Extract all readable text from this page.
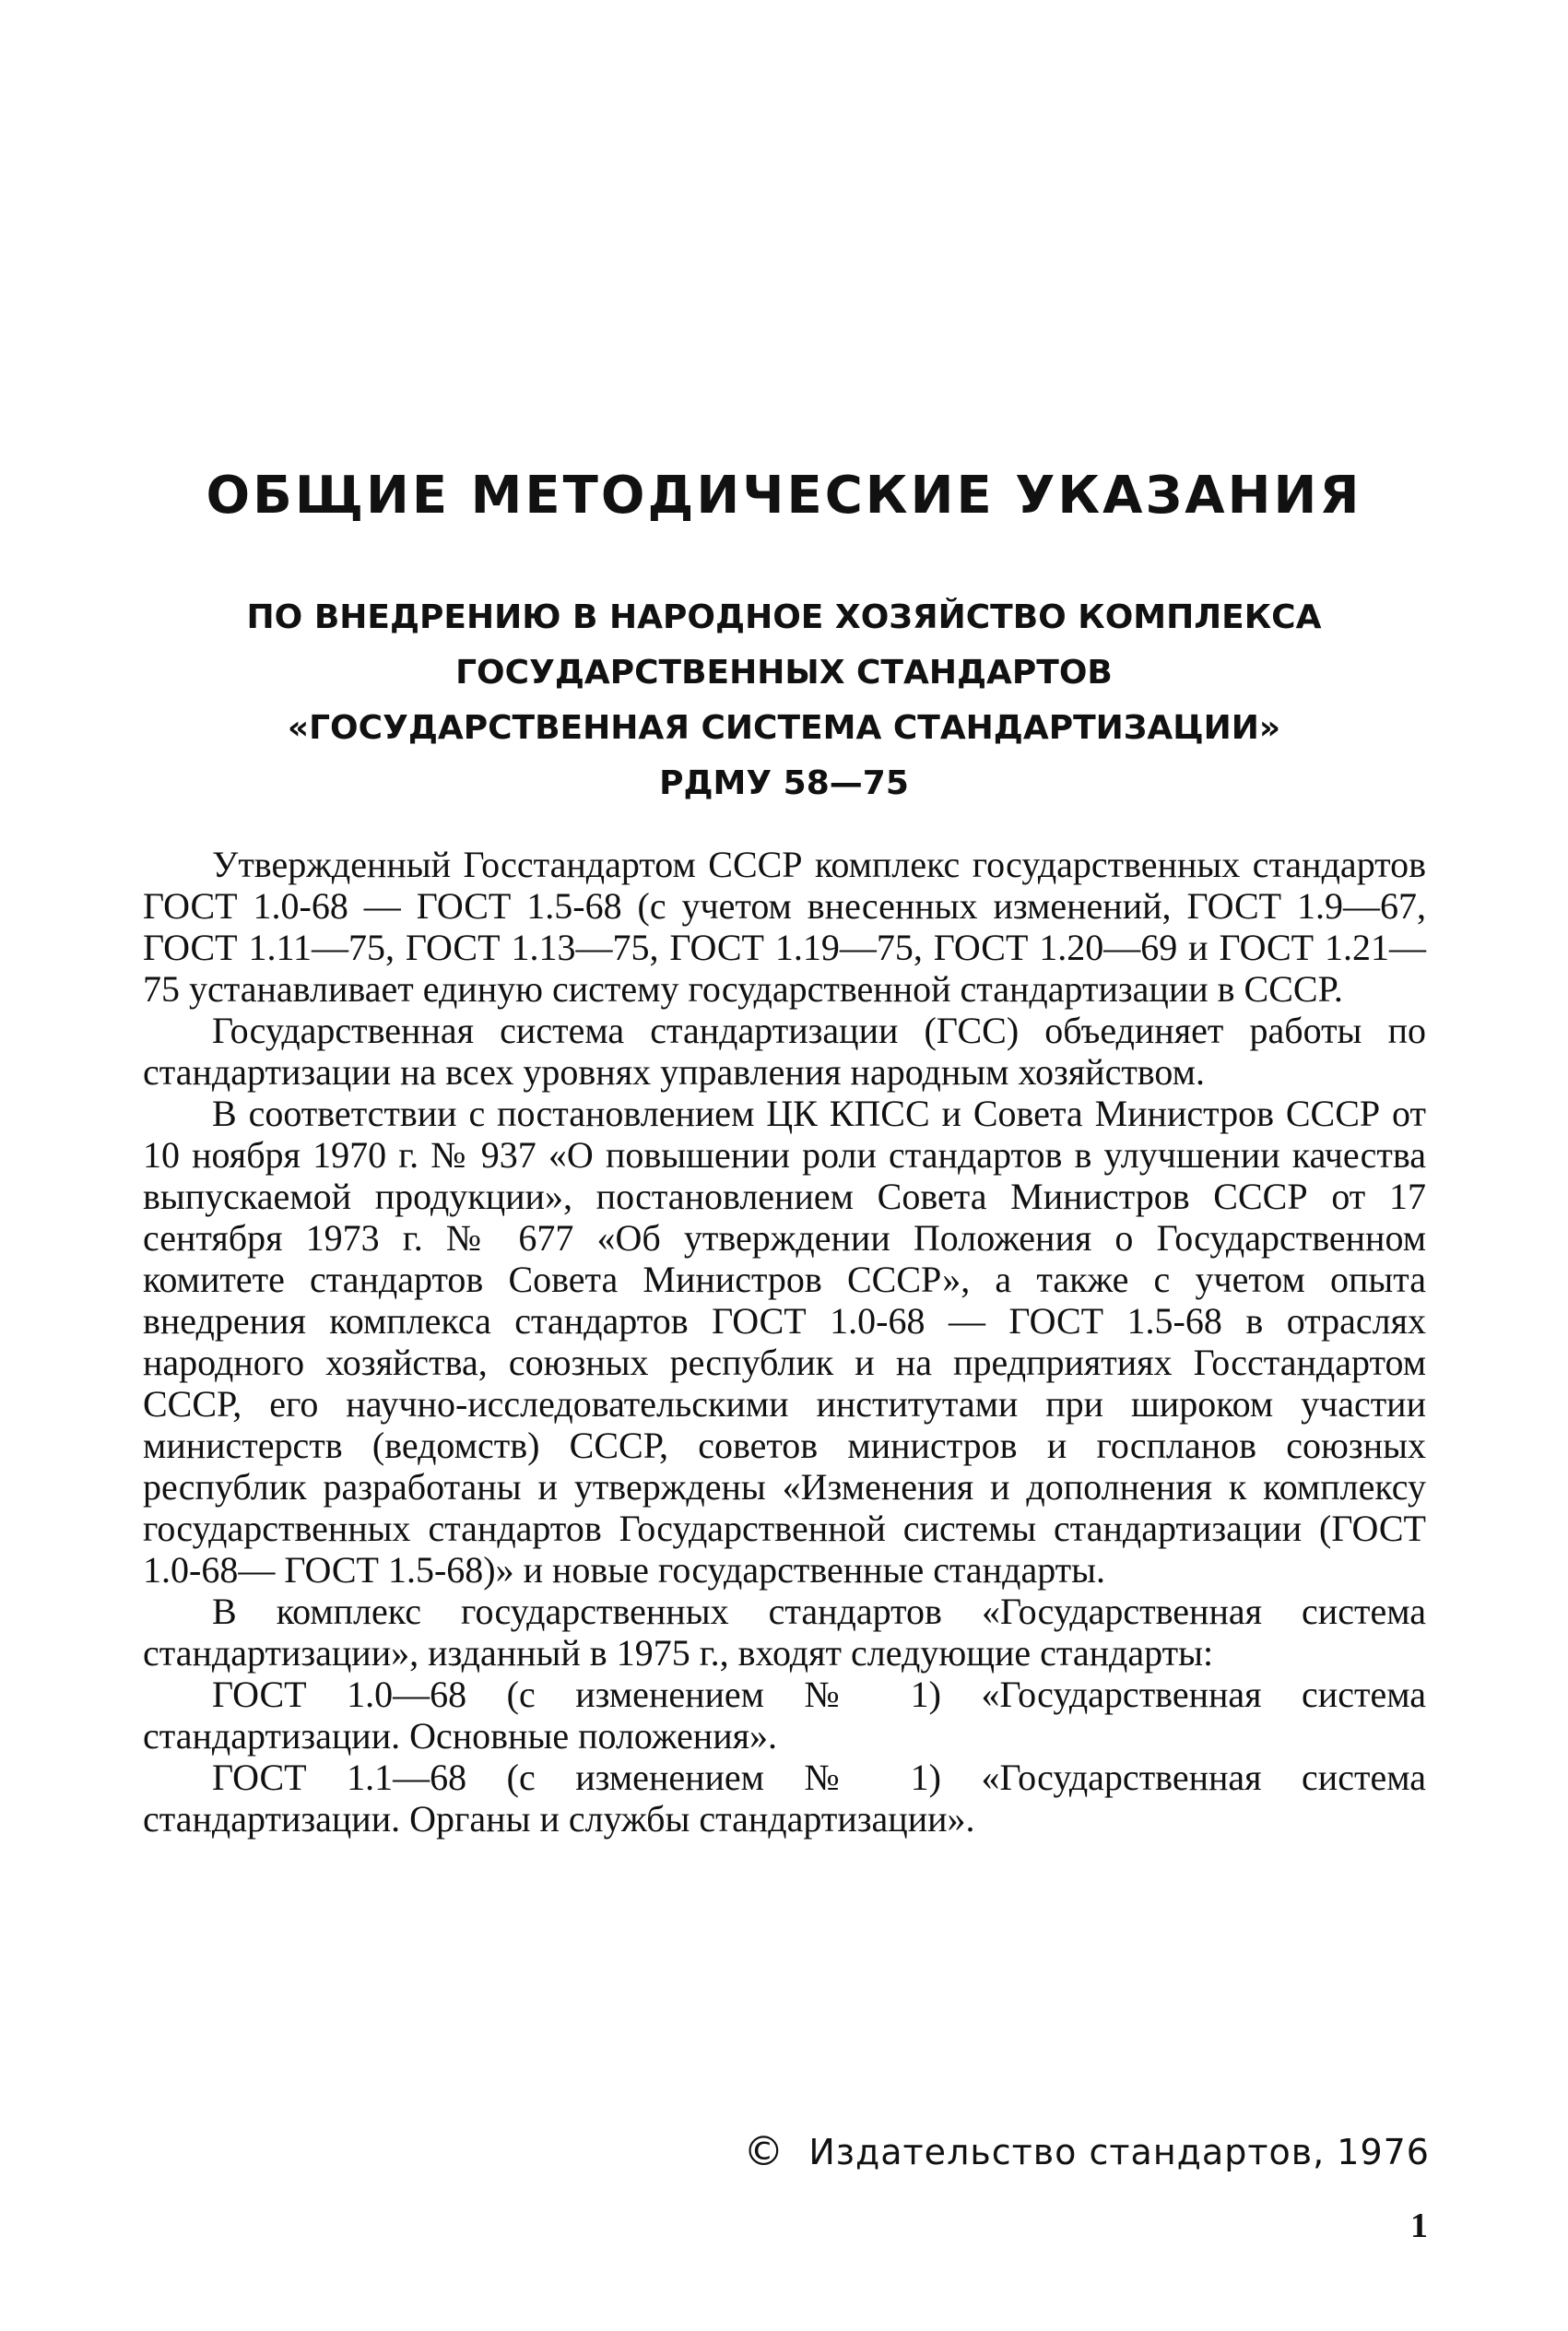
ОБЩИЕ МЕТОДИЧЕСКИЕ УКАЗАНИЯ
ПО ВНЕДРЕНИЮ В НАРОДНОЕ ХОЗЯЙСТВО КОМПЛЕКСА
ГОСУДАРСТВЕННЫХ СТАНДАРТОВ
«ГОСУДАРСТВЕННАЯ СИСТЕМА СТАНДАРТИЗАЦИИ»
РДМУ 58—75

Утвержденный Госстандартом СССР комплекс государственных стандартов ГОСТ 1.0-68 — ГОСТ 1.5-68 (с учетом внесенных изменений, ГОСТ 1.9—67, ГОСТ 1.11—75, ГОСТ 1.13—75, ГОСТ 1.19—75, ГОСТ 1.20—69 и ГОСТ 1.21—75 устанавливает единую систему государственной стандартизации в СССР.

Государственная система стандартизации (ГСС) объединяет работы по стандартизации на всех уровнях управления народным хозяйством.

В соответствии с постановлением ЦК КПСС и Совета Министров СССР от 10 ноября 1970 г. № 937 «О повышении роли стандартов в улучшении качества выпускаемой продукции», постановлением Совета Министров СССР от 17 сентября 1973 г. № 677 «Об утверждении Положения о Государственном комитете стандартов Совета Министров СССР», а также с учетом опыта внедрения комплекса стандартов ГОСТ 1.0-68 — ГОСТ 1.5-68 в отраслях народного хозяйства, союзных республик и на предприятиях Госстандартом СССР, его научно-исследовательскими институтами при широком участии министерств (ведомств) СССР, советов министров и госпланов союзных республик разработаны и утверждены «Изменения и дополнения к комплексу государственных стандартов Государственной системы стандартизации (ГОСТ 1.0-68— ГОСТ 1.5-68)» и новые государственные стандарты.

В комплекс государственных стандартов «Государственная система стандартизации», изданный в 1975 г., входят следующие стандарты:

ГОСТ 1.0—68 (с изменением № 1) «Государственная система стандартизации. Основные положения».

ГОСТ 1.1—68 (с изменением № 1) «Государственная система стандартизации. Органы и службы стандартизации».

© Издательство стандартов, 1976
1
